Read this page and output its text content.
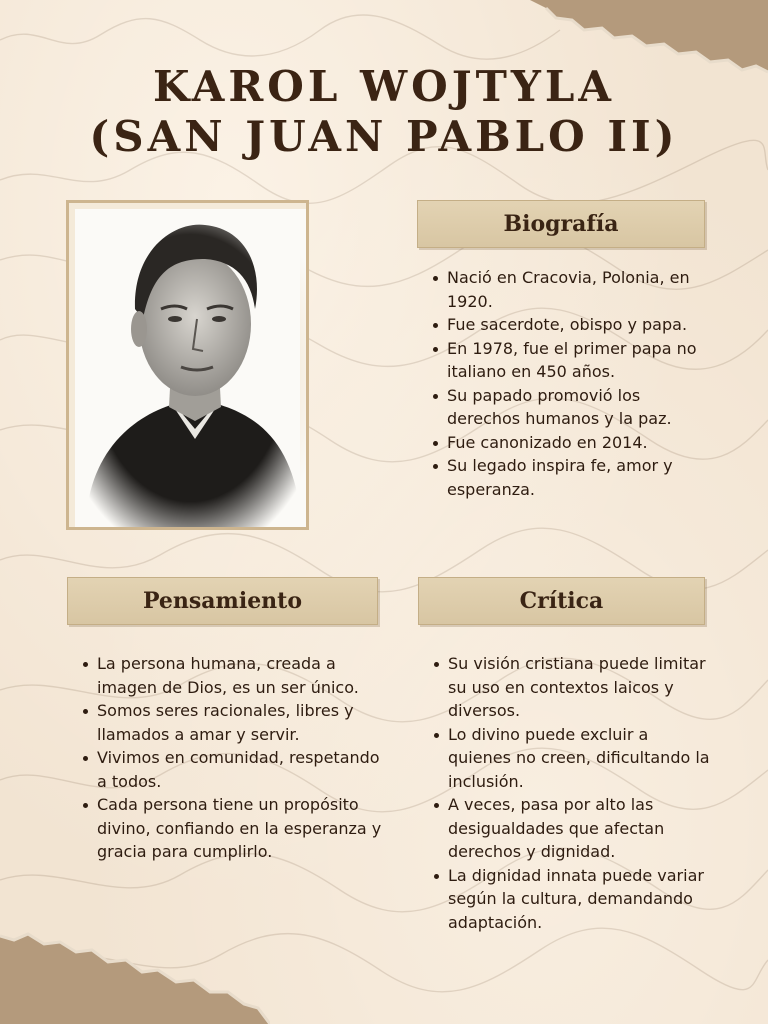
KAROL WOJTYLA
(SAN JUAN PABLO II)
Biografía
Nació en Cracovia, Polonia, en 1920.
Fue sacerdote, obispo y papa.
En 1978, fue el primer papa no italiano en 450 años.
Su papado promovió los derechos humanos y la paz.
Fue canonizado en 2014.
Su legado inspira fe, amor y esperanza.
Pensamiento
La persona humana, creada a imagen de Dios, es un ser único.
Somos seres racionales, libres y llamados a amar y servir.
Vivimos en comunidad, respetando a todos.
Cada persona tiene un propósito divino, confiando en la esperanza y gracia para cumplirlo.
Crítica
Su visión cristiana puede limitar su uso en contextos laicos y diversos.
Lo divino puede excluir a quienes no creen, dificultando la inclusión.
A veces, pasa por alto las desigualdades que afectan derechos y dignidad.
La dignidad innata puede variar según la cultura, demandando adaptación.
